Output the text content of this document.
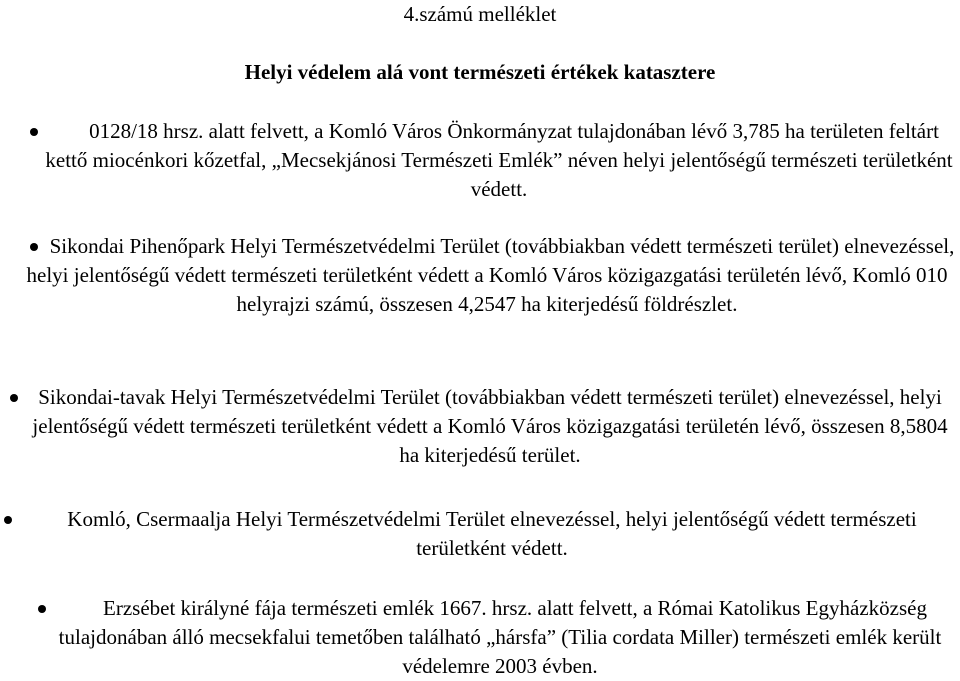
4.számú melléklet
Helyi védelem alá vont természeti értékek katasztere
0128/18 hrsz. alatt felvett, a Komló Város Önkormányzat tulajdonában lévő 3,785 ha területen feltárt kettő miocénkori kőzetfal, „Mecsekjánosi Természeti Emlék” néven helyi jelentőségű természeti területként védett.
Sikondai Pihenőpark Helyi Természetvédelmi Terület (továbbiakban védett természeti terület) elnevezéssel, helyi jelentőségű védett természeti területként védett a Komló Város közigazgatási területén lévő, Komló 010 helyrajzi számú, összesen 4,2547 ha kiterjedésű földrészlet.
Sikondai-tavak Helyi Természetvédelmi Terület (továbbiakban védett természeti terület) elnevezéssel, helyi jelentőségű védett természeti területként védett a Komló Város közigazgatási területén lévő, összesen 8,5804 ha kiterjedésű terület.
Komló, Csermaalja Helyi Természetvédelmi Terület elnevezéssel, helyi jelentőségű védett természeti területként védett.
Erzsébet királyné fája természeti emlék 1667. hrsz. alatt felvett, a Római Katolikus Egyházközség tulajdonában álló mecsekfalui temetőben található „hársfa” (Tilia cordata Miller) természeti emlék került védelemre 2003 évben.
